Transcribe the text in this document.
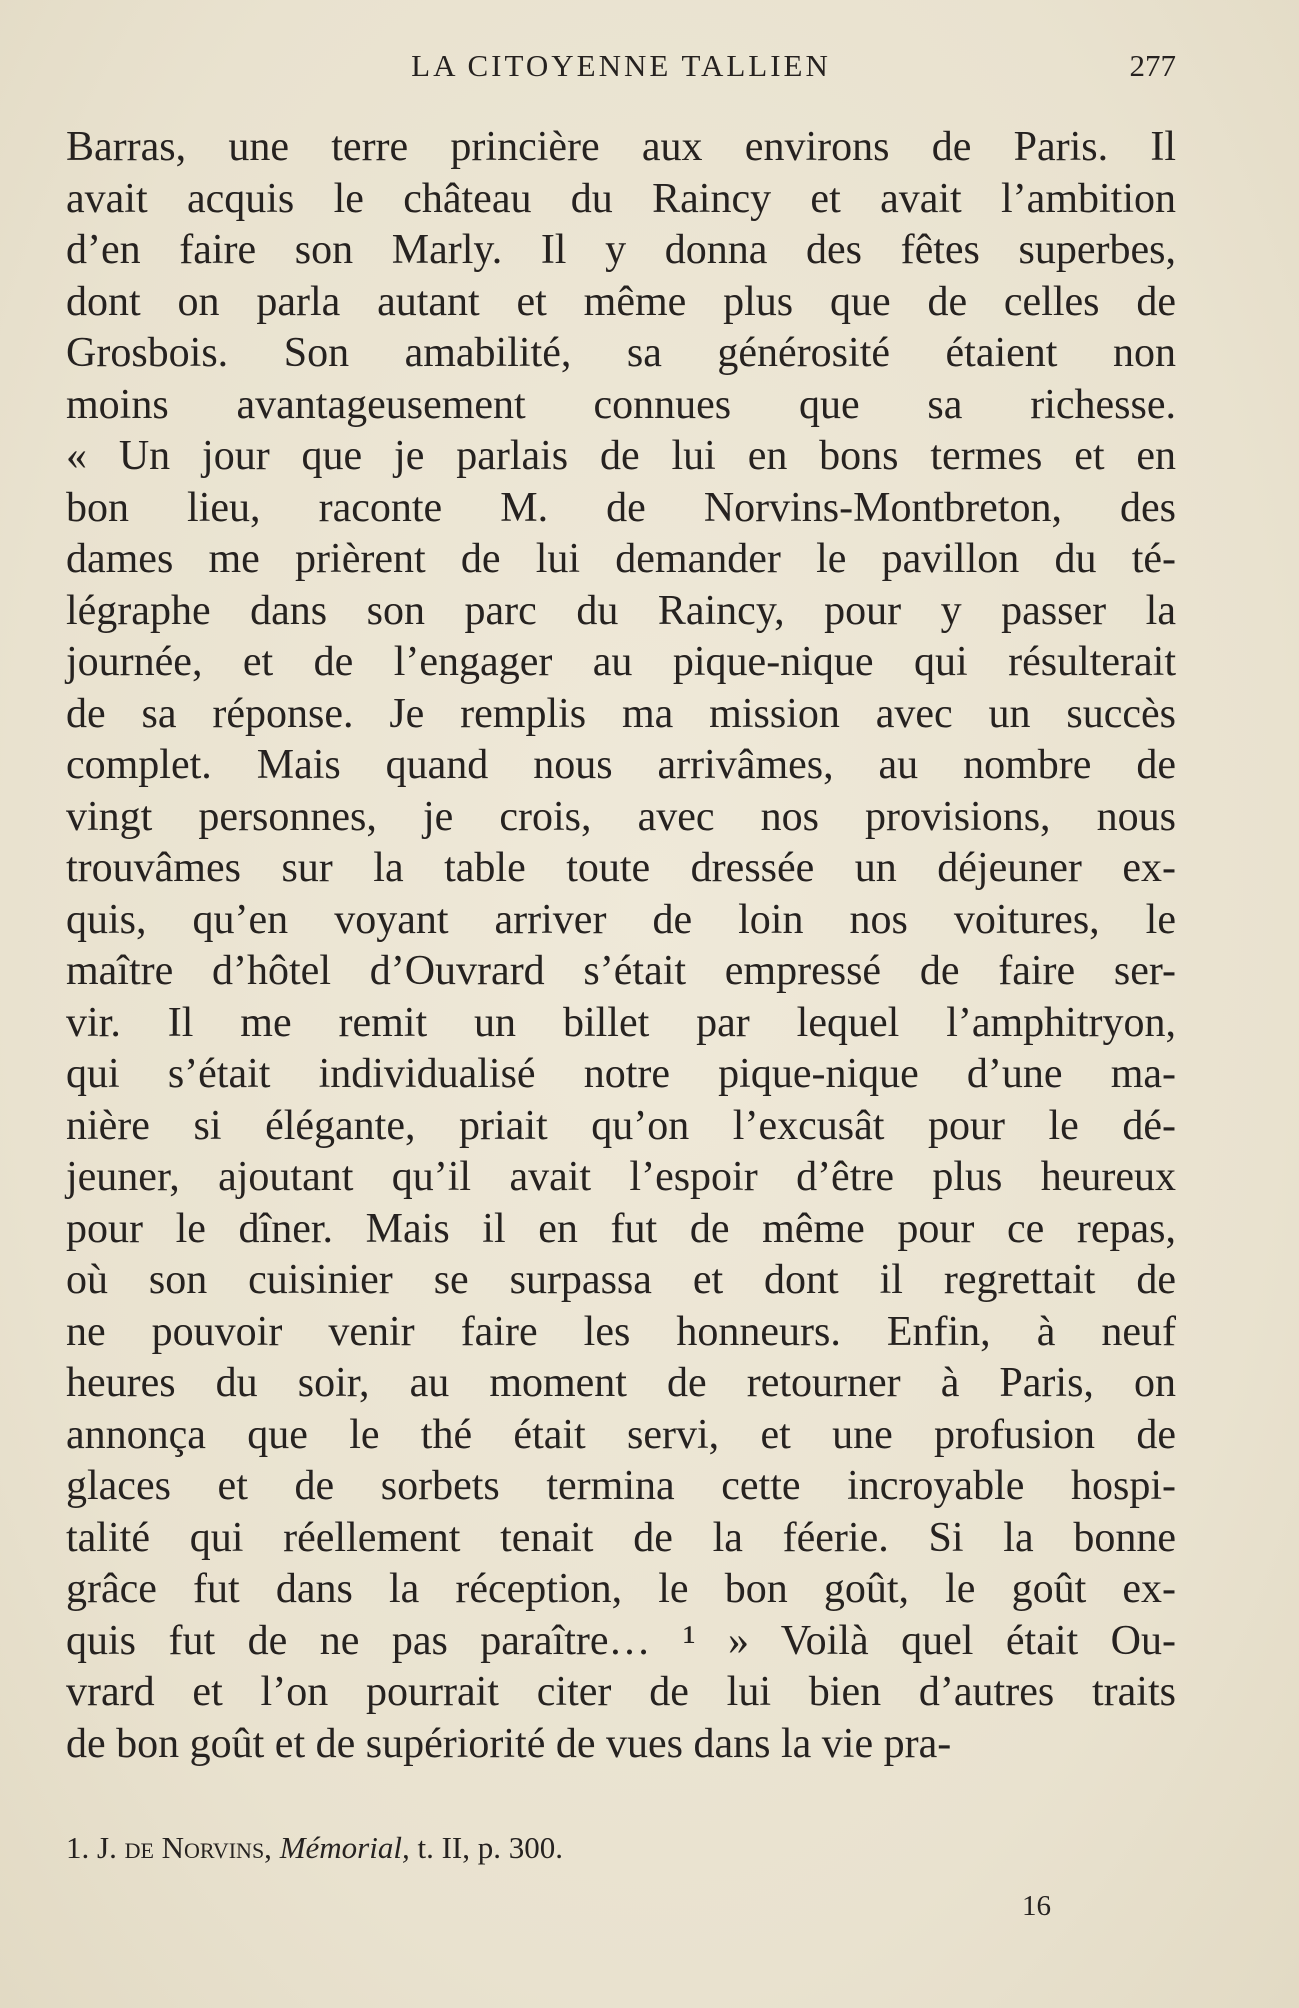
LA CITOYENNE TALLIEN	277
Barras, une terre princière aux environs de Paris. Il
avait acquis le château du Raincy et avait l’ambition
d’en faire son Marly. Il y donna des fêtes superbes,
dont on parla autant et même plus que de celles de
Grosbois. Son amabilité, sa générosité étaient non
moins avantageusement connues que sa richesse.
« Un jour que je parlais de lui en bons termes et en
bon lieu, raconte M. de Norvins-Montbreton, des
dames me prièrent de lui demander le pavillon du té-
légraphe dans son parc du Raincy, pour y passer la
journée, et de l’engager au pique-nique qui résulterait
de sa réponse. Je remplis ma mission avec un succès
complet. Mais quand nous arrivâmes, au nombre de
vingt personnes, je crois, avec nos provisions, nous
trouvâmes sur la table toute dressée un déjeuner ex-
quis, qu’en voyant arriver de loin nos voitures, le
maître d’hôtel d’Ouvrard s’était empressé de faire ser-
vir. Il me remit un billet par lequel l’amphitryon,
qui s’était individualisé notre pique-nique d’une ma-
nière si élégante, priait qu’on l’excusât pour le dé-
jeuner, ajoutant qu’il avait l’espoir d’être plus heureux
pour le dîner. Mais il en fut de même pour ce repas,
où son cuisinier se surpassa et dont il regrettait de
ne pouvoir venir faire les honneurs. Enfin, à neuf
heures du soir, au moment de retourner à Paris, on
annonça que le thé était servi, et une profusion de
glaces et de sorbets termina cette incroyable hospi-
talité qui réellement tenait de la féerie. Si la bonne
grâce fut dans la réception, le bon goût, le goût ex-
quis fut de ne pas paraître… ¹ » Voilà quel était Ou-
vrard et l’on pourrait citer de lui bien d’autres traits
de bon goût et de supériorité de vues dans la vie pra-
1. J. de Norvins, Mémorial, t. II, p. 300.
16
